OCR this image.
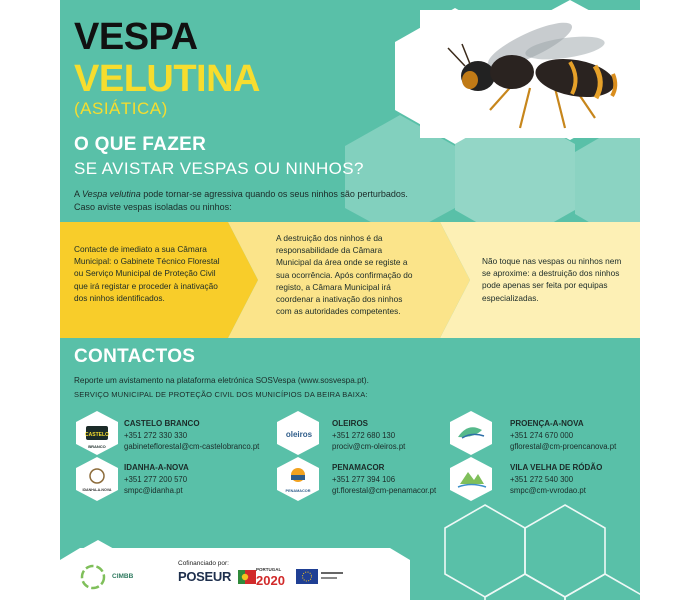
VESPA
VELUTINA
(ASIÁTICA)
O QUE FAZER
SE AVISTAR VESPAS OU NINHOS?
A Vespa velutina pode tornar-se agressiva quando os seus ninhos são perturbados.
Caso aviste vespas isoladas ou ninhos:
Contacte de imediato a sua Câmara Municipal: o Gabinete Técnico Florestal ou Serviço Municipal de Proteção Civil que irá registar e proceder à inativação dos ninhos identificados.
A destruição dos ninhos é da responsabilidade da Câmara Municipal da área onde se registe a sua ocorrência. Após confirmação do registo, a Câmara Municipal irá coordenar a inativação dos ninhos com as autoridades competentes.
Não toque nas vespas ou ninhos nem se aproxime: a destruição dos ninhos pode apenas ser feita por equipas especializadas.
CONTACTOS
Reporte um avistamento na plataforma eletrónica SOSVespa (www.sosvespa.pt).
SERVIÇO MUNICIPAL DE PROTEÇÃO CIVIL DOS MUNICÍPIOS DA BEIRA BAIXA:
CASTELO
BRANCO
IDANHA-A-NOVA
oleiros
PENAMACOR
CASTELO BRANCO
+351 272 330 330
gabineteflorestal@cm-castelobranco.pt
IDANHA-A-NOVA
+351 277 200 570
smpc@idanha.pt
OLEIROS
+351 272 680 130
prociv@cm-oleiros.pt
PENAMACOR
+351 277 394 106
gt.florestal@cm-penamacor.pt
PROENÇA-A-NOVA
+351 274 670 000
gflorestal@cm-proencanova.pt
VILA VELHA DE RÓDÃO
+351 272 540 300
smpc@cm-vvrodao.pt
CIMBB
Cofinanciado por:
POSEUR	PORTUGAL
2020
